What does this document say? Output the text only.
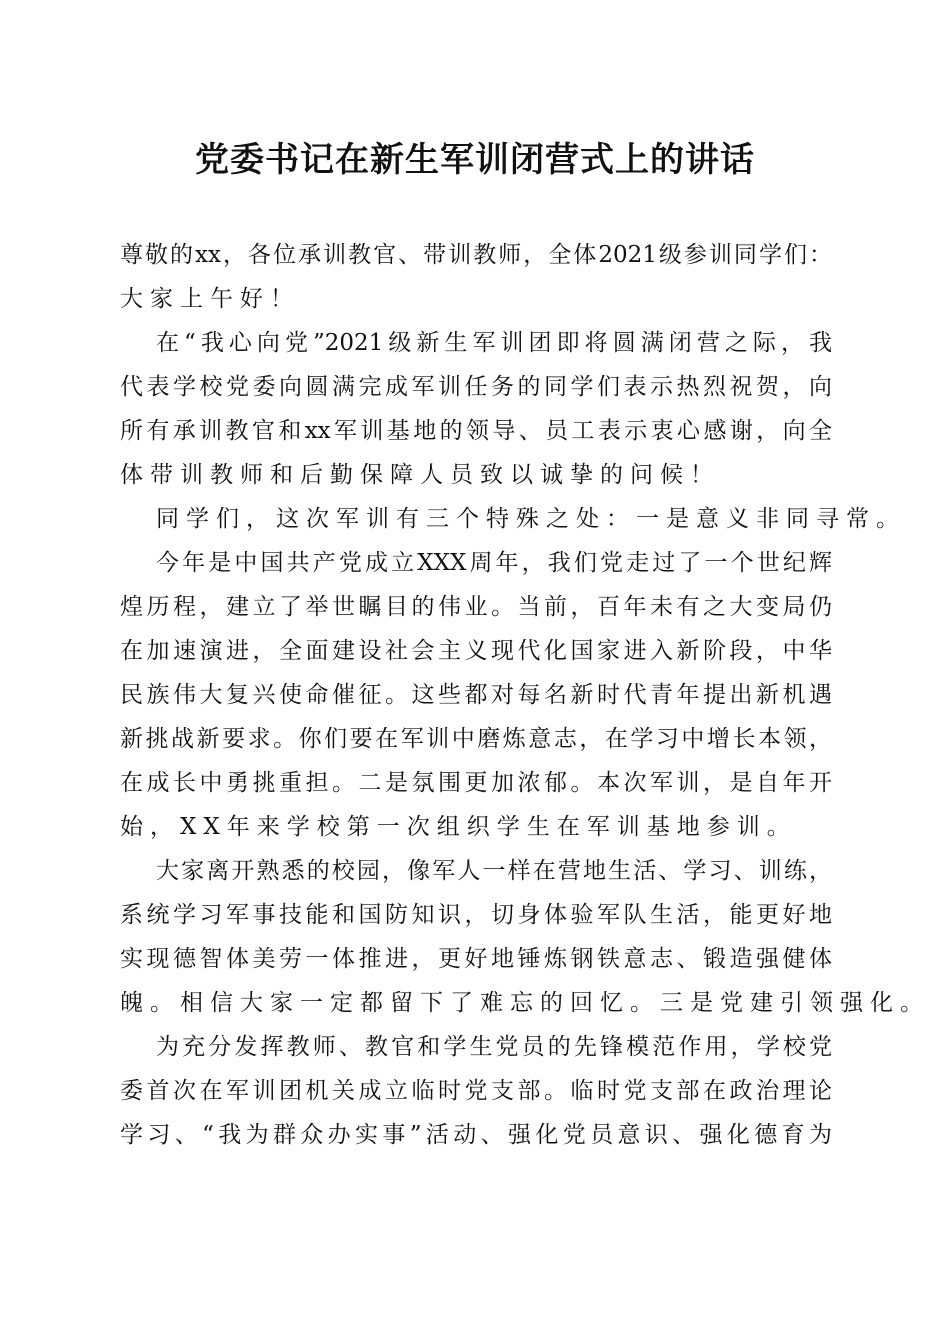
党委书记在新生军训闭营式上的讲话
尊敬的xx，各位承训教官、带训教师，全体2021级参训同学们：
大家上午好！
在“我心向党”2021级新生军训团即将圆满闭营之际，我
代表学校党委向圆满完成军训任务的同学们表示热烈祝贺，向
所有承训教官和xx军训基地的领导、员工表示衷心感谢，向全
体带训教师和后勤保障人员致以诚挚的问候！
同学们，这次军训有三个特殊之处：一是意义非同寻常。
今年是中国共产党成立XXX周年，我们党走过了一个世纪辉
煌历程，建立了举世瞩目的伟业。当前，百年未有之大变局仍
在加速演进，全面建设社会主义现代化国家进入新阶段，中华
民族伟大复兴使命催征。这些都对每名新时代青年提出新机遇
新挑战新要求。你们要在军训中磨炼意志，在学习中增长本领，
在成长中勇挑重担。二是氛围更加浓郁。本次军训，是自年开
始，XX年来学校第一次组织学生在军训基地参训。
大家离开熟悉的校园，像军人一样在营地生活、学习、训练，
系统学习军事技能和国防知识，切身体验军队生活，能更好地
实现德智体美劳一体推进，更好地锤炼钢铁意志、锻造强健体
魄。相信大家一定都留下了难忘的回忆。三是党建引领强化。
为充分发挥教师、教官和学生党员的先锋模范作用，学校党
委首次在军训团机关成立临时党支部。临时党支部在政治理论
学习、“我为群众办实事”活动、强化党员意识、强化德育为
